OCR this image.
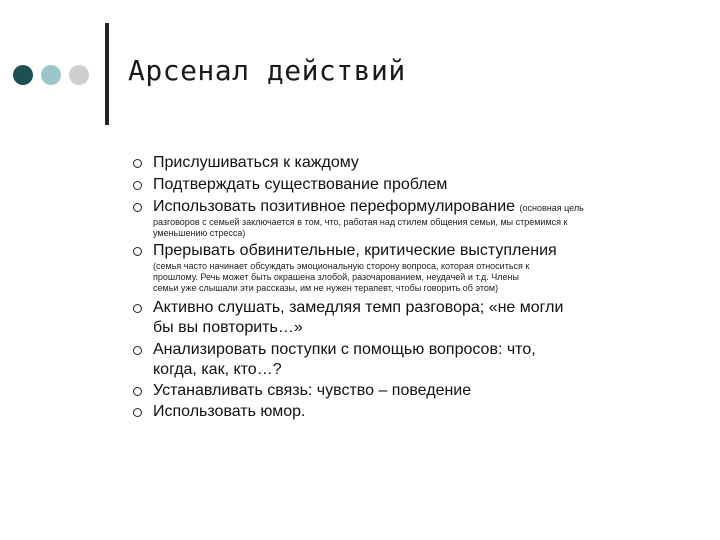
Арсенал действий
Прислушиваться к каждому
Подтверждать существование проблем
Использовать позитивное переформулирование (основная цель
разговоров с семьей заключается в том, что, работая над стилем общения семьи, мы стремимся к
уменьшению стресса)
Прерывать обвинительные, критические выступления
(семья часто начинает обсуждать эмоциональную сторону вопроса, которая относиться к
прошлому. Речь может быть окрашена злобой, разочарованием, неудачей и т.д. Члены
семьи уже слышали эти рассказы, им не нужен терапевт, чтобы говорить об этом)
Активно слушать, замедляя темп разговора; «не могли
бы вы повторить…»
Анализировать поступки с помощью вопросов: что,
когда, как, кто…?
Устанавливать связь: чувство – поведение
Использовать юмор.
